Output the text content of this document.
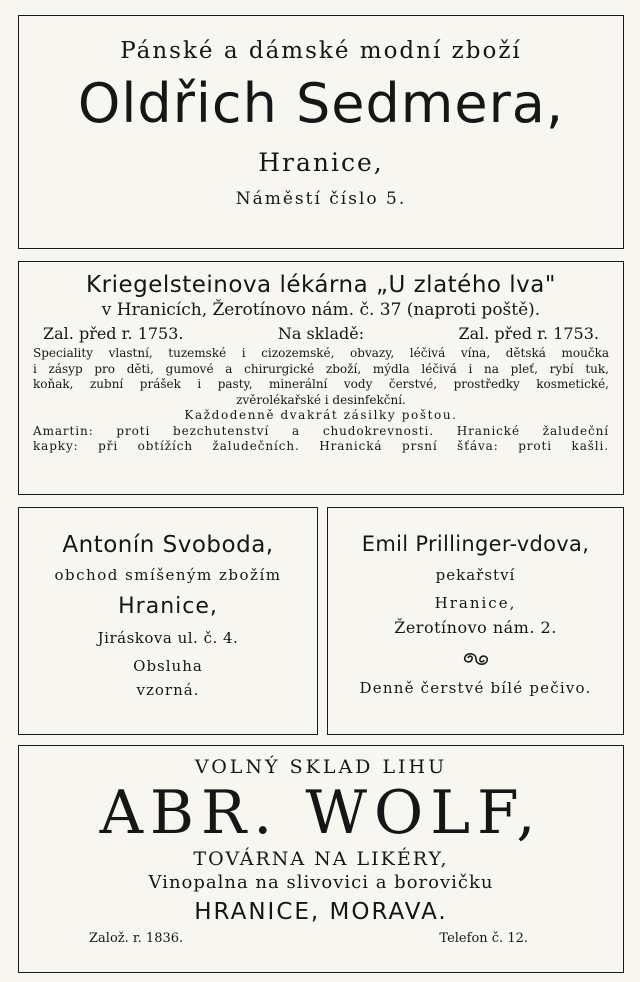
Pánské a dámské modní zboží
Oldřich Sedmera,
Hranice,
Náměstí číslo 5.
Kriegelsteinova lékárna „U zlatého lva"
v Hranicích, Žerotínovo nám. č. 37 (naproti poště).
Zal. před r. 1753.	Na skladě:	Zal. před r. 1753.
Speciality vlastní, tuzemské i cizozemské, obvazy, léčivá vína, dětská moučka
i zásyp pro děti, gumové a chirurgické zboží, mýdla léčivá i na pleť, rybí tuk,
koňak, zubní prášek i pasty, minerální vody čerstvé, prostředky kosmetické,
zvěrolékařské i desinfekční.
Každodenně dvakrát zásilky poštou.
Amartin: proti bezchutenství a chudokrevnosti. Hranické žaludeční
kapky: při obtížích žaludečních. Hranická prsní šťáva: proti kašli.
Antonín Svoboda,
obchod smíšeným zbožím
Hranice,
Jiráskova ul. č. 4.
Obsluha
vzorná.
Emil Prillinger-vdova,
pekařství
Hranice,
Žerotínovo nám. 2.
Denně čerstvé bílé pečivo.
VOLNÝ SKLAD LIHU
ABR. WOLF,
TOVÁRNA NA LIKÉRY,
Vinopalna na slivovici a borovičku
HRANICE, MORAVA.
Založ. r. 1836.	Telefon č. 12.
